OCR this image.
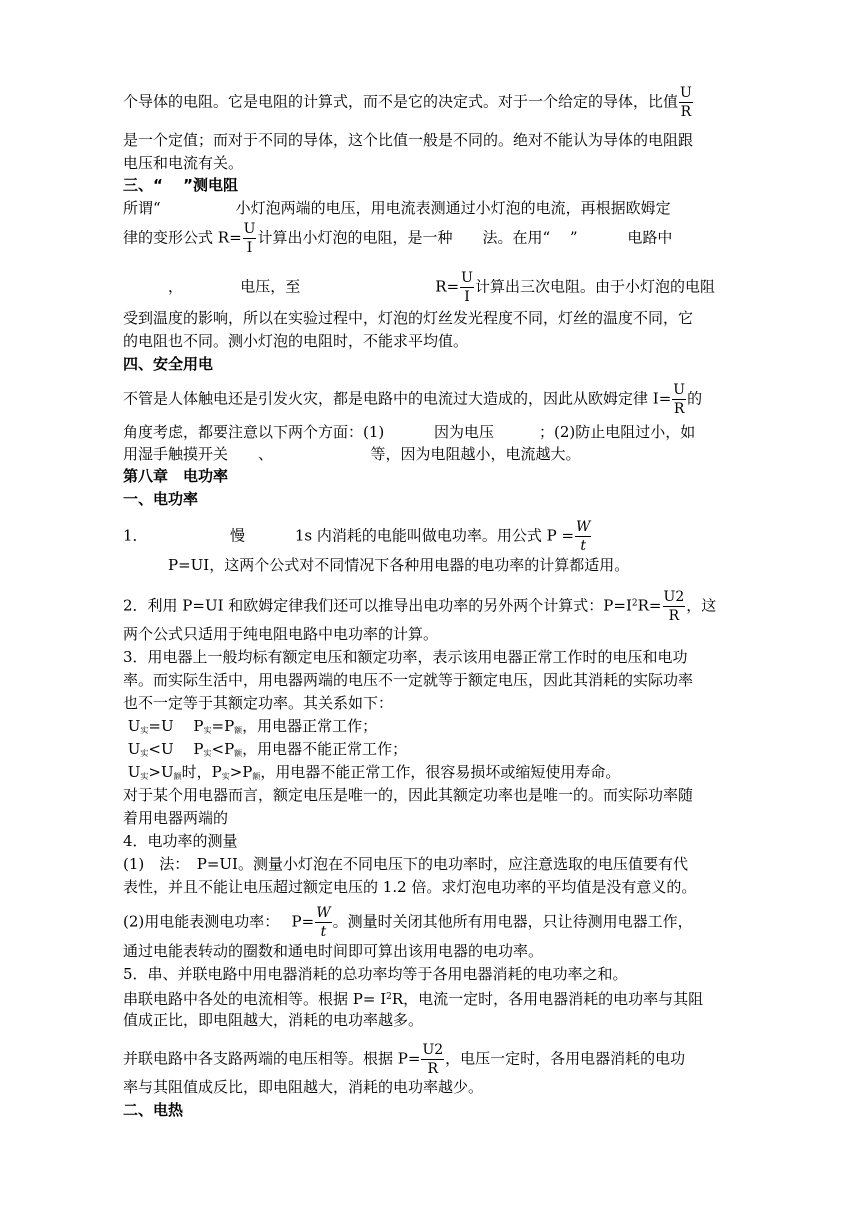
个导体的电阻。它是电阻的计算式，而不是它的决定式。对于一个给定的导体，比值 $\frac{U}{R}$
是一个定值；而对于不同的导体，这个比值一般是不同的。绝对不能认为导体的电阻跟
电压和电流有关。
三、“　 ”测电阻
所谓“　　　　　小灯泡两端的电压，用电流表测通过小灯泡的电流，再根据欧姆定
律的变形公式 $R= \frac{U}{I}$ 计算出小灯泡的电阻，是一种　　法。在用“　 ”　　　 电路中
　　　，　　　　 电压，至　　　　　　　　　$R= \frac{U}{I}$ 计算出三次电阻。由于小灯泡的电阻
受到温度的影响，所以在实验过程中，灯泡的灯丝发光程度不同，灯丝的温度不同，它
的电阻也不同。测小灯泡的电阻时，不能求平均值。
四、安全用电
不管是人体触电还是引发火灾，都是电路中的电流过大造成的，因此从欧姆定律 $I= \frac{U}{R}$ 的
角度考虑，都要注意以下两个方面：(1)　　　 因为电压　　　；(2)防止电阻过小，如
用湿手触摸开关　　、　　　　　　　等，因为电阻越小，电流越大。
第八章　电功率
一、电功率
1．　　　　　　慢　　　 1s 内消耗的电能叫做电功率。用公式 $P = \frac{W}{t}$
　　　P=UI，这两个公式对不同情况下各种用电器的电功率的计算都适用。
2．利用 P=UI 和欧姆定律我们还可以推导出电功率的另外两个计算式：$P=I^2R= \frac{U2}{R}$ ，这
两个公式只适用于纯电阻电路中电功率的计算。
3．用电器上一般均标有额定电压和额定功率，表示该用电器正常工作时的电压和电功
率。而实际生活中，用电器两端的电压不一定就等于额定电压，因此其消耗的实际功率
也不一定等于其额定功率。其关系如下：
$U_实=U$　 $P_实=P_额$，用电器正常工作；
$U_实<U$　 $P_实<P_额$，用电器不能正常工作；
$U_实>U_额$时，$P_实>P_额$，用电器不能正常工作，很容易损坏或缩短使用寿命。
对于某个用电器而言，额定电压是唯一的，因此其额定功率也是唯一的。而实际功率随
着用电器两端的
4．电功率的测量
(1)　法：　P=UI。测量小灯泡在不同电压下的电功率时，应注意选取的电压值要有代
表性，并且不能让电压超过额定电压的 1.2 倍。求灯泡电功率的平均值是没有意义的。
(2)用电能表测电功率：　 $P= \frac{W}{t}$ 。测量时关闭其他所有用电器，只让待测用电器工作，
通过电能表转动的圈数和通电时间即可算出该用电器的电功率。
5．串、并联电路中用电器消耗的总功率均等于各用电器消耗的电功率之和。
串联电路中各处的电流相等。根据 $P= I^2R$，电流一定时，各用电器消耗的电功率与其阻
值成正比，即电阻越大，消耗的电功率越多。
并联电路中各支路两端的电压相等。根据 $P= \frac{U2}{R}$ ，电压一定时，各用电器消耗的电功
率与其阻值成反比，即电阻越大，消耗的电功率越少。
二、电热
